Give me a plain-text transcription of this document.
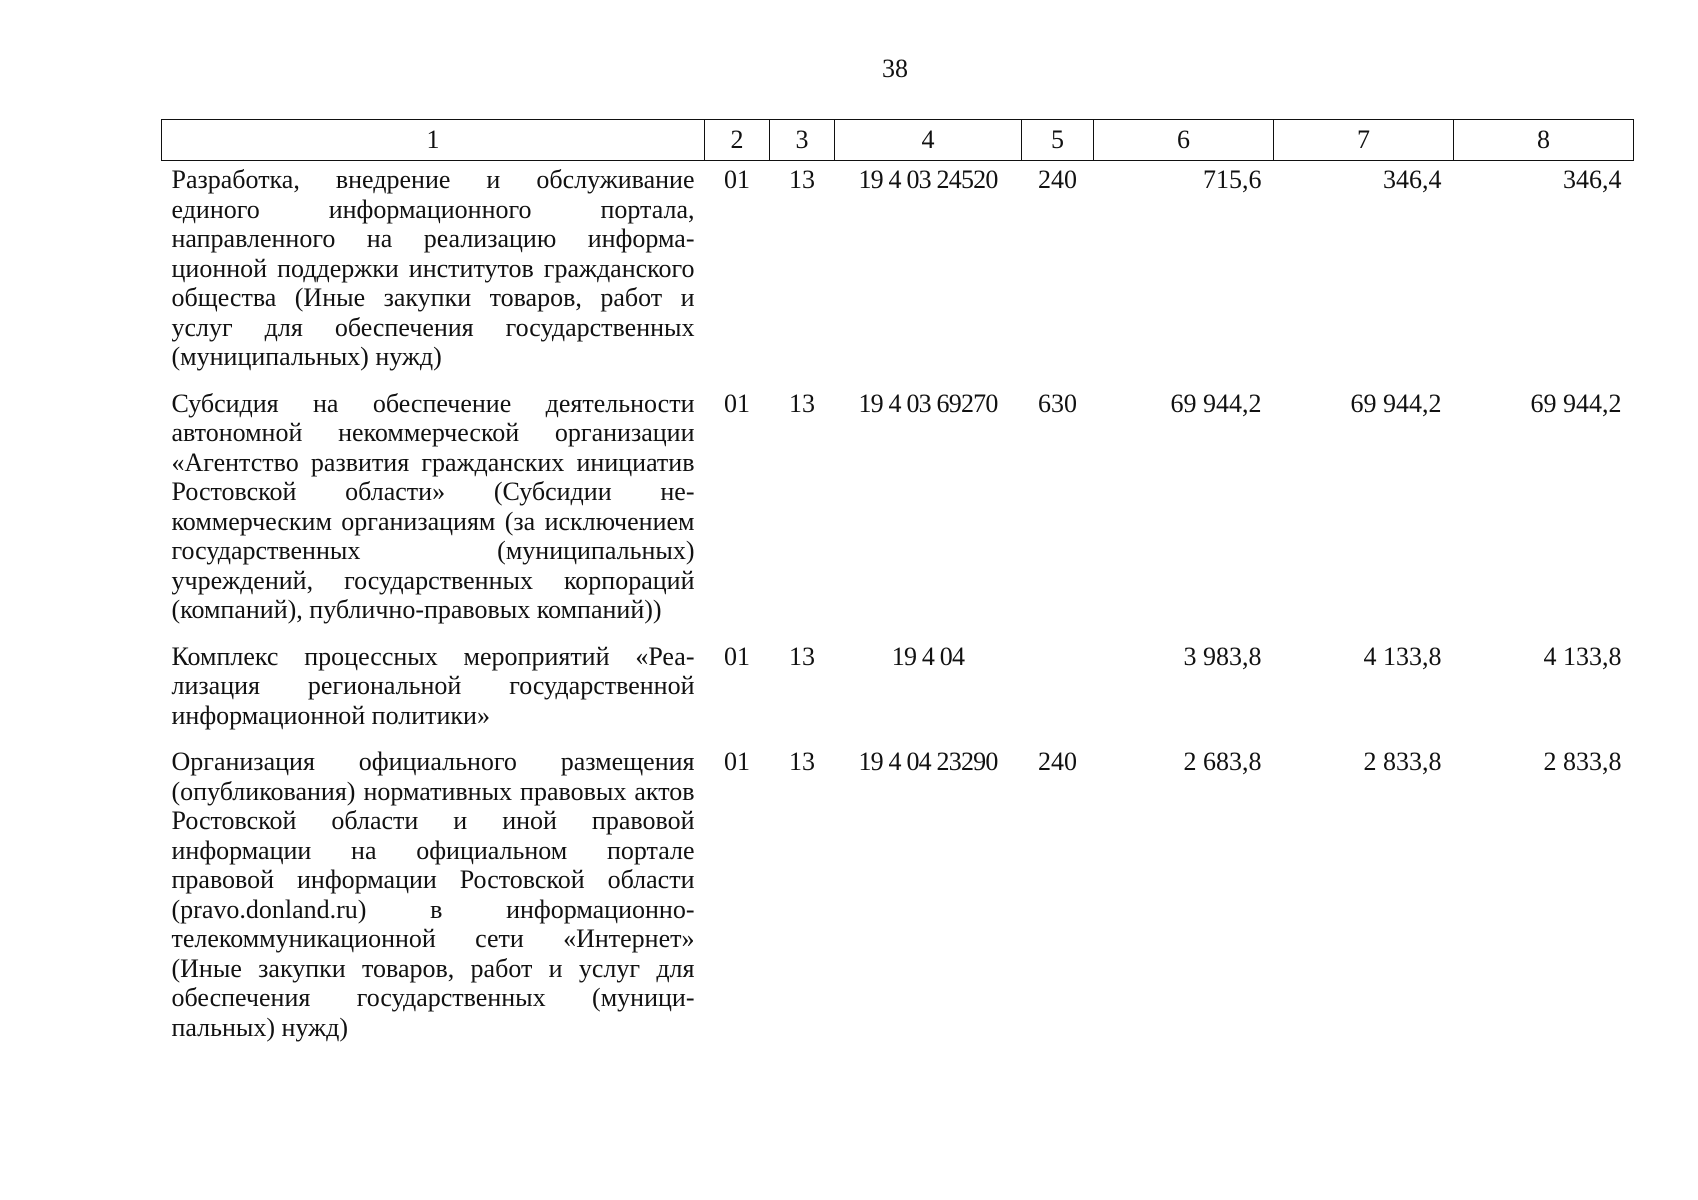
38
1	2	3	4	5	6	7	8
Разработка, внедрение и обслуживание единого информационного портала, направленного на реализацию информационной поддержки институтов гражданского общества (Иные закупки товаров, работ и услуг для обеспечения государственных (муниципальных) нужд)	01	13	19 4 03 24520	240	715,6	346,4	346,4
Субсидия на обеспечение деятельности автономной некоммерческой организации «Агентство развития гражданских инициатив Ростовской области» (Субсидии некоммерческим организациям (за исключением государственных (муниципальных) учреждений, государственных корпораций (компаний), публично-правовых компаний))	01	13	19 4 03 69270	630	69 944,2	69 944,2	69 944,2
Комплекс процессных мероприятий «Реализация региональной государственной информационной политики»	01	13	19 4 04		3 983,8	4 133,8	4 133,8
Организация официального размещения (опубликования) нормативных правовых актов Ростовской области и иной правовой информации на официальном портале правовой информации Ростовской области (pravo.donland.ru) в информационно-телекоммуникационной сети «Интернет» (Иные закупки товаров, работ и услуг для обеспечения государственных (муниципальных) нужд)	01	13	19 4 04 23290	240	2 683,8	2 833,8	2 833,8
